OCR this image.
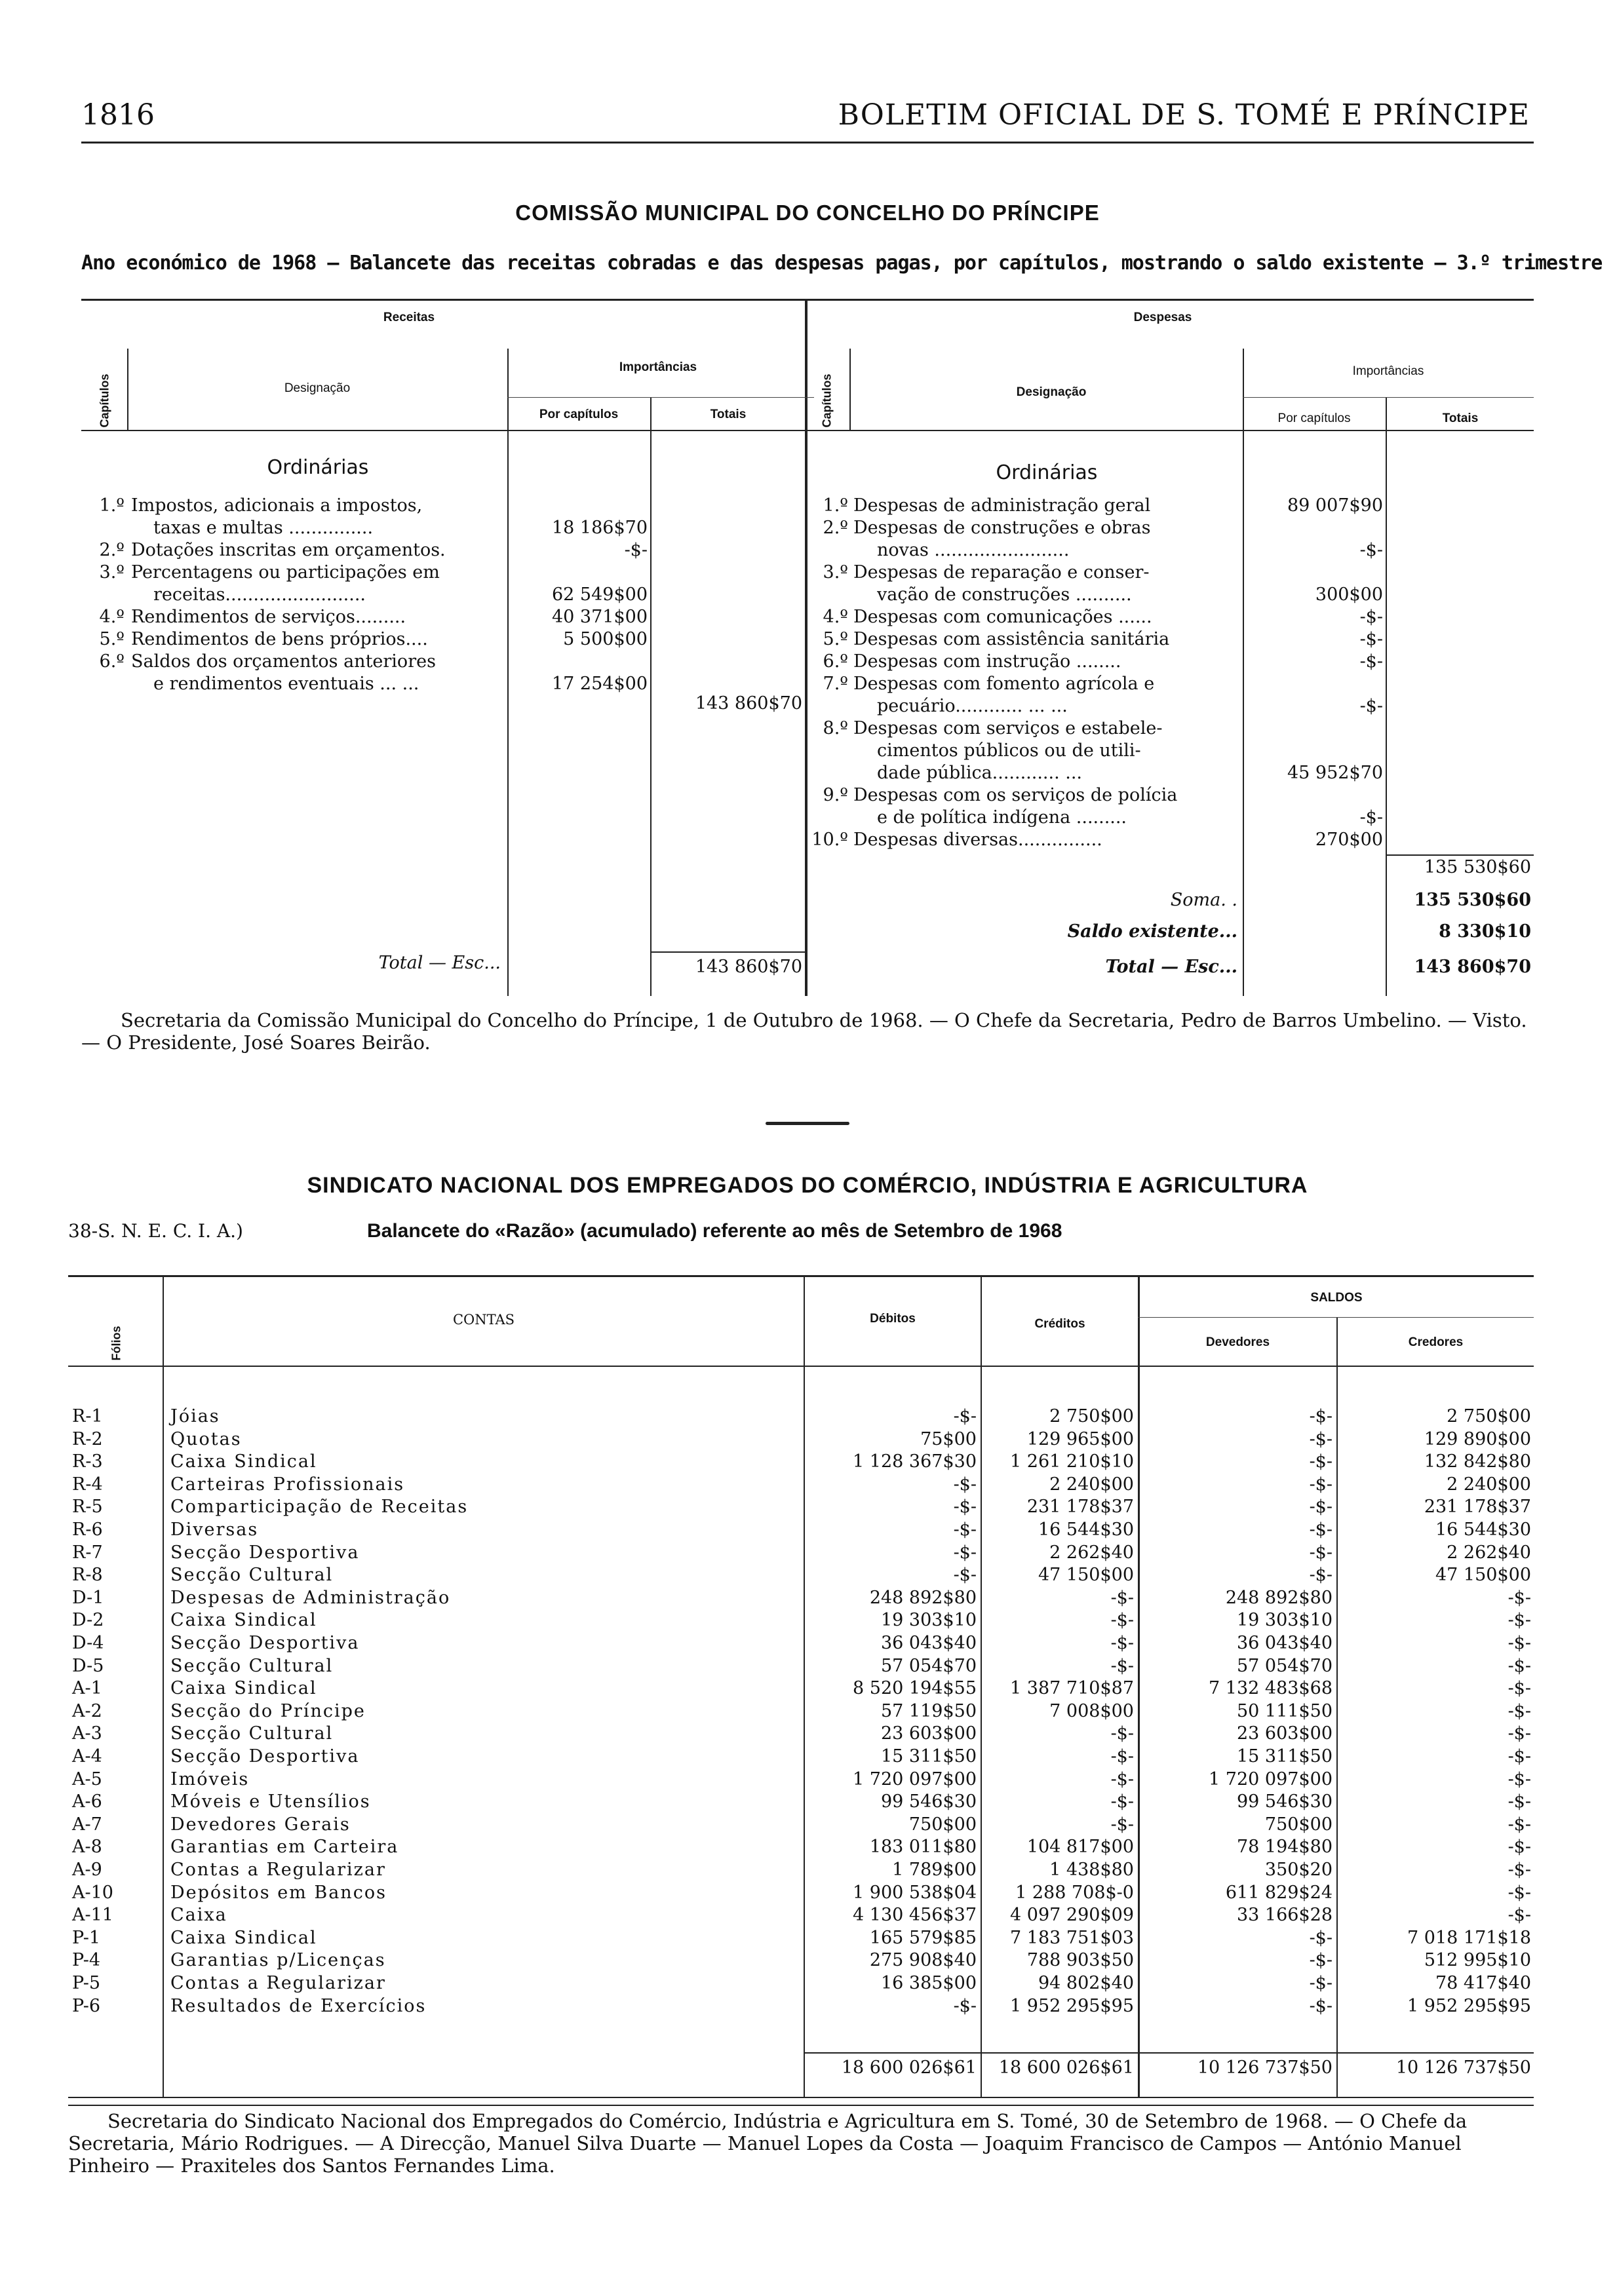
1816	BOLETIM OFICIAL DE S. TOMÉ E PRÍNCIPE
COMISSÃO MUNICIPAL DO CONCELHO DO PRÍNCIPE
Ano económico de 1968 — Balancete das receitas cobradas e das despesas pagas, por capítulos, mostrando o saldo existente — 3.º trimestre
Receitas	Despesas
Capítulos	Capítulos
Designação	Designação
Importâncias	Importâncias
Por capítulos	Totais	Por capítulos	Totais
Ordinárias	Ordinárias
1.º Impostos, adicionais a impostos,
taxas e multas ...............	18 186$70
2.º Dotações inscritas em orçamentos.	-$-
3.º Percentagens ou participações em
receitas.........................	62 549$00
4.º Rendimentos de serviços.........	40 371$00
5.º Rendimentos de bens próprios....	5 500$00
6.º Saldos dos orçamentos anteriores
e rendimentos eventuais ... ...	17 254$00
1.º Despesas de administração geral	89 007$90
2.º Despesas de construções e obras
novas ........................	-$-
3.º Despesas de reparação e conser-
vação de construções ..........	300$00
4.º Despesas com comunicações ......	-$-
5.º Despesas com assistência sanitária	-$-
6.º Despesas com instrução ........	-$-
7.º Despesas com fomento agrícola e
pecuário............ ... ...	-$-
8.º Despesas com serviços e estabele-
cimentos públicos ou de utili-
dade pública............ ...	45 952$70
9.º Despesas com os serviços de polícia
e de política indígena .........	-$-
10.º Despesas diversas...............	270$00
143 860$70
Total — Esc...	143 860$70
135 530$60
Soma. .	135 530$60
Saldo existente...	8 330$10
Total — Esc...	143 860$70
Secretaria da Comissão Municipal do Concelho do Príncipe, 1 de Outubro de 1968. — O Chefe da Secretaria, Pedro de Barros Umbelino. — Visto. — O Presidente, José Soares Beirão.
SINDICATO NACIONAL DOS EMPREGADOS DO COMÉRCIO, INDÚSTRIA E AGRICULTURA
38-S. N. E. C. I. A.)	Balancete do «Razão» (acumulado) referente ao mês de Setembro de 1968
Fólios
CONTAS	Débitos	Créditos
SALDOS
Devedores	Credores
R-1	Jóias	-$-	2 750$00	-$-	2 750$00
R-2	Quotas	75$00	129 965$00	-$-	129 890$00
R-3	Caixa Sindical	1 128 367$30	1 261 210$10	-$-	132 842$80
R-4	Carteiras Profissionais	-$-	2 240$00	-$-	2 240$00
R-5	Comparticipação de Receitas	-$-	231 178$37	-$-	231 178$37
R-6	Diversas	-$-	16 544$30	-$-	16 544$30
R-7	Secção Desportiva	-$-	2 262$40	-$-	2 262$40
R-8	Secção Cultural	-$-	47 150$00	-$-	47 150$00
D-1	Despesas de Administração	248 892$80	-$-	248 892$80	-$-
D-2	Caixa Sindical	19 303$10	-$-	19 303$10	-$-
D-4	Secção Desportiva	36 043$40	-$-	36 043$40	-$-
D-5	Secção Cultural	57 054$70	-$-	57 054$70	-$-
A-1	Caixa Sindical	8 520 194$55	1 387 710$87	7 132 483$68	-$-
A-2	Secção do Príncipe	57 119$50	7 008$00	50 111$50	-$-
A-3	Secção Cultural	23 603$00	-$-	23 603$00	-$-
A-4	Secção Desportiva	15 311$50	-$-	15 311$50	-$-
A-5	Imóveis	1 720 097$00	-$-	1 720 097$00	-$-
A-6	Móveis e Utensílios	99 546$30	-$-	99 546$30	-$-
A-7	Devedores Gerais	750$00	-$-	750$00	-$-
A-8	Garantias em Carteira	183 011$80	104 817$00	78 194$80	-$-
A-9	Contas a Regularizar	1 789$00	1 438$80	350$20	-$-
A-10	Depósitos em Bancos	1 900 538$04	1 288 708$-0	611 829$24	-$-
A-11	Caixa	4 130 456$37	4 097 290$09	33 166$28	-$-
P-1	Caixa Sindical	165 579$85	7 183 751$03	-$-	7 018 171$18
P-4	Garantias p/Licenças	275 908$40	788 903$50	-$-	512 995$10
P-5	Contas a Regularizar	16 385$00	94 802$40	-$-	78 417$40
P-6	Resultados de Exercícios	-$-	1 952 295$95	-$-	1 952 295$95
18 600 026$61	18 600 026$61	10 126 737$50	10 126 737$50
Secretaria do Sindicato Nacional dos Empregados do Comércio, Indústria e Agricultura em S. Tomé, 30 de Setembro de 1968. — O Chefe da Secretaria, Mário Rodrigues. — A Direcção, Manuel Silva Duarte — Manuel Lopes da Costa — Joaquim Francisco de Campos — António Manuel Pinheiro — Praxiteles dos Santos Fernandes Lima.
